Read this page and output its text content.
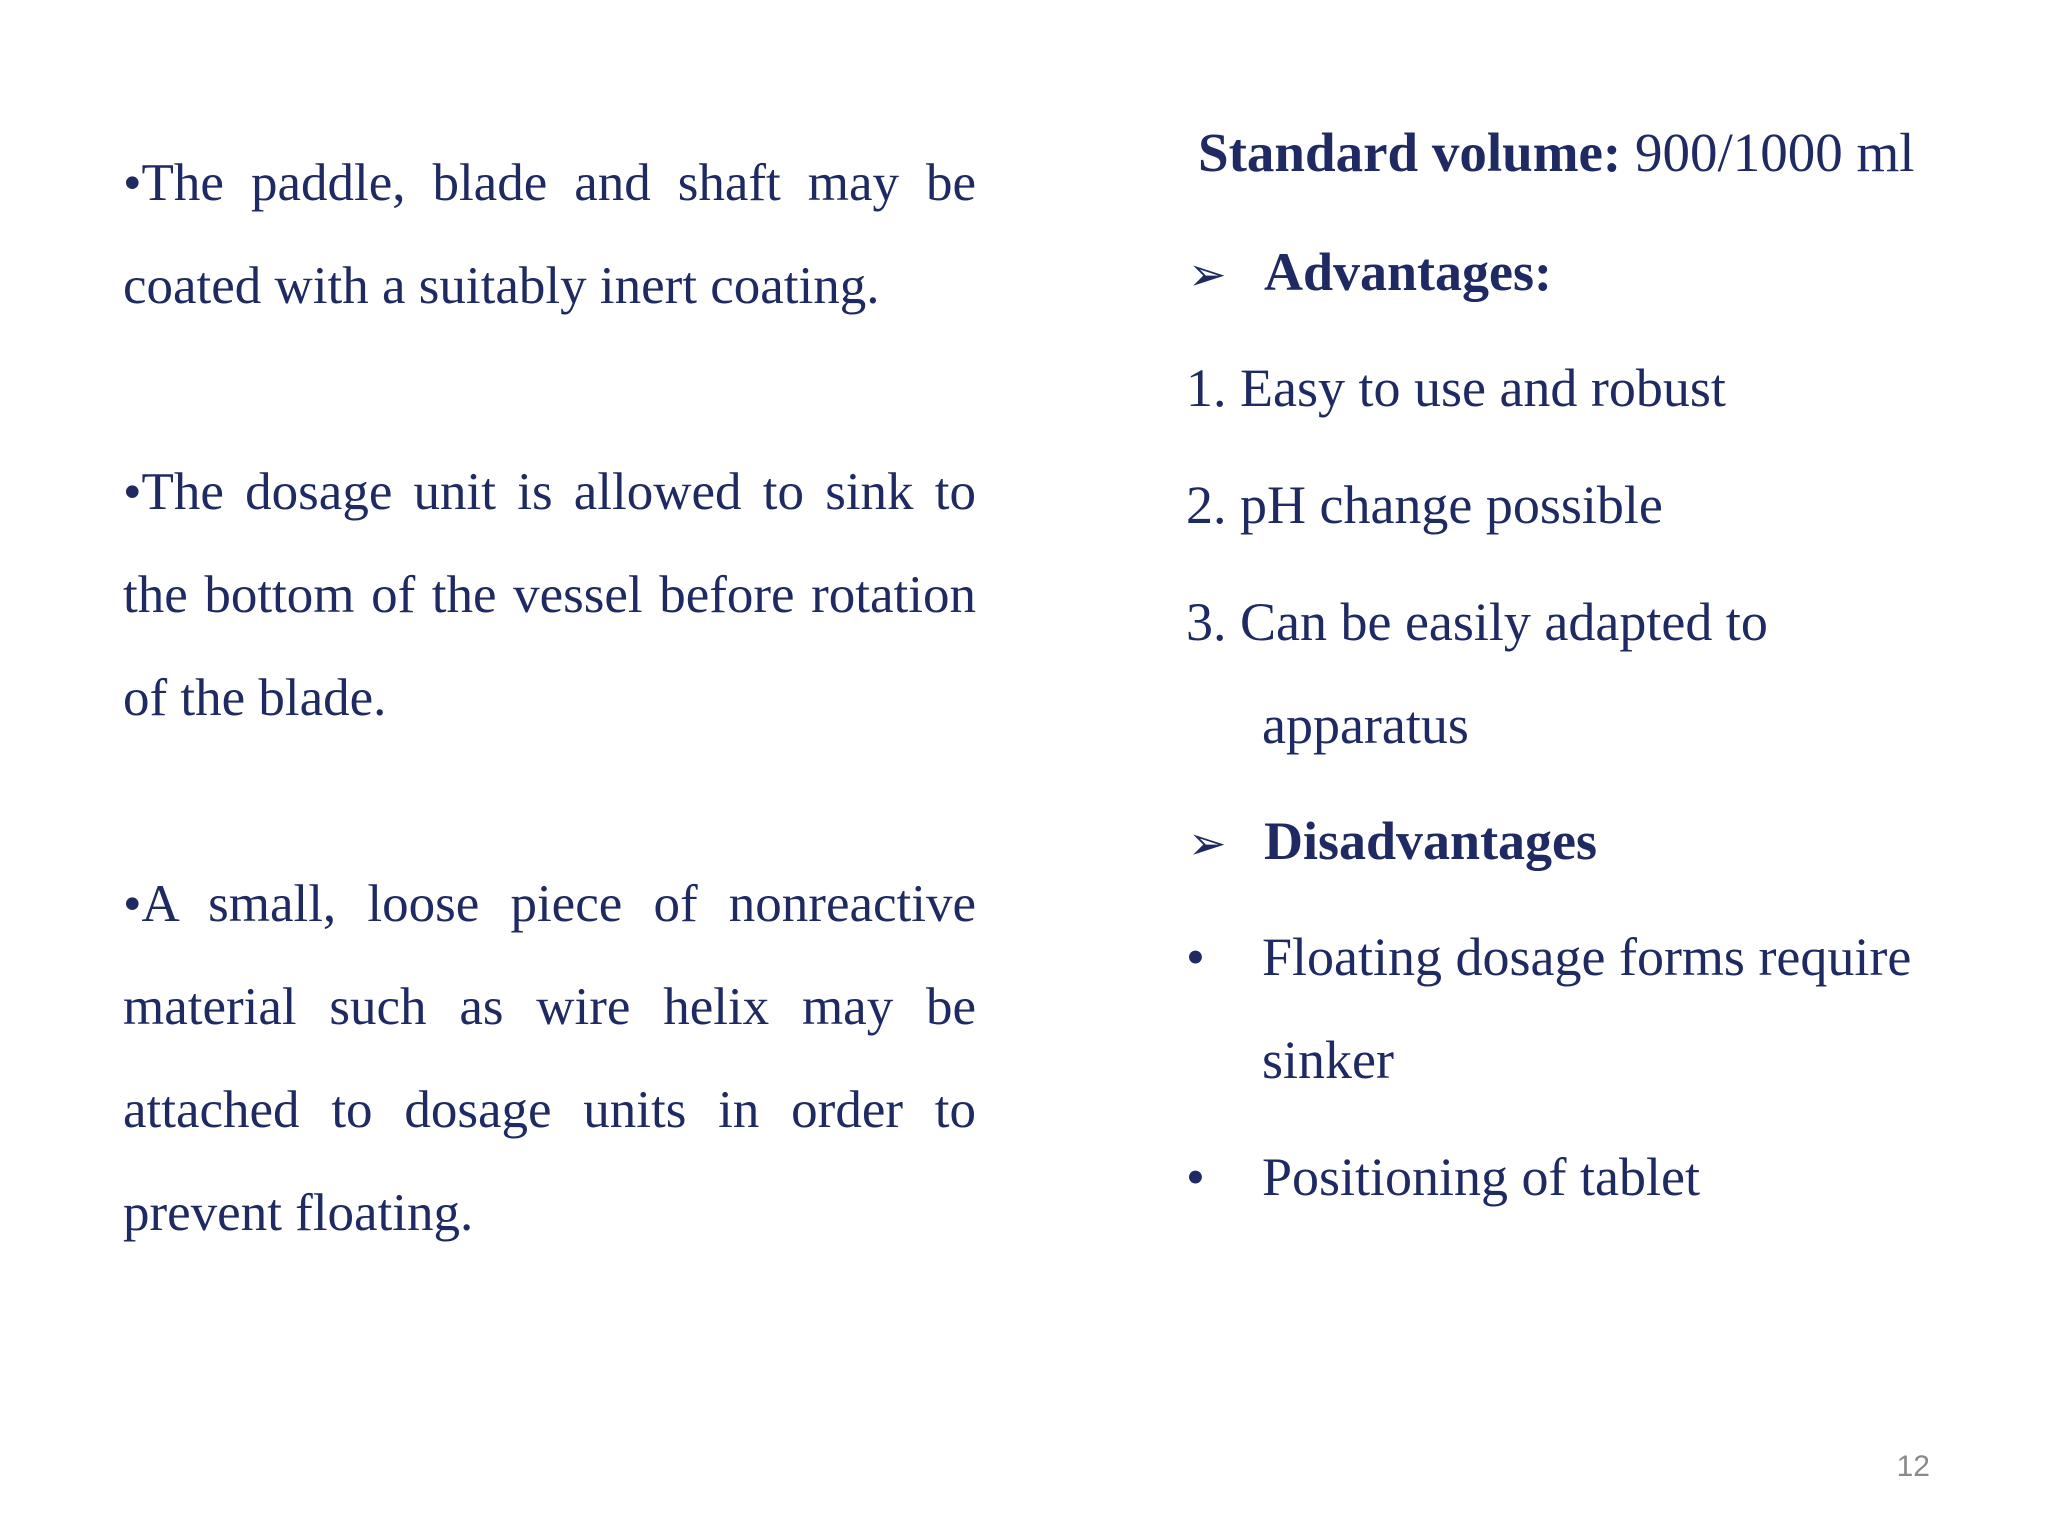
•The paddle, blade and shaft may be coated with a suitably inert coating.

•The dosage unit is allowed to sink to the bottom of the vessel before rotation of the blade.

•A small, loose piece of nonreactive material such as wire helix may be attached to dosage units in order to prevent floating.

Standard volume: 900/1000 ml
➢ Advantages:
1. Easy to use and robust
2. pH change possible
3. Can be easily adapted to
apparatus
➢ Disadvantages
• Floating dosage forms require
sinker
• Positioning of tablet
12
